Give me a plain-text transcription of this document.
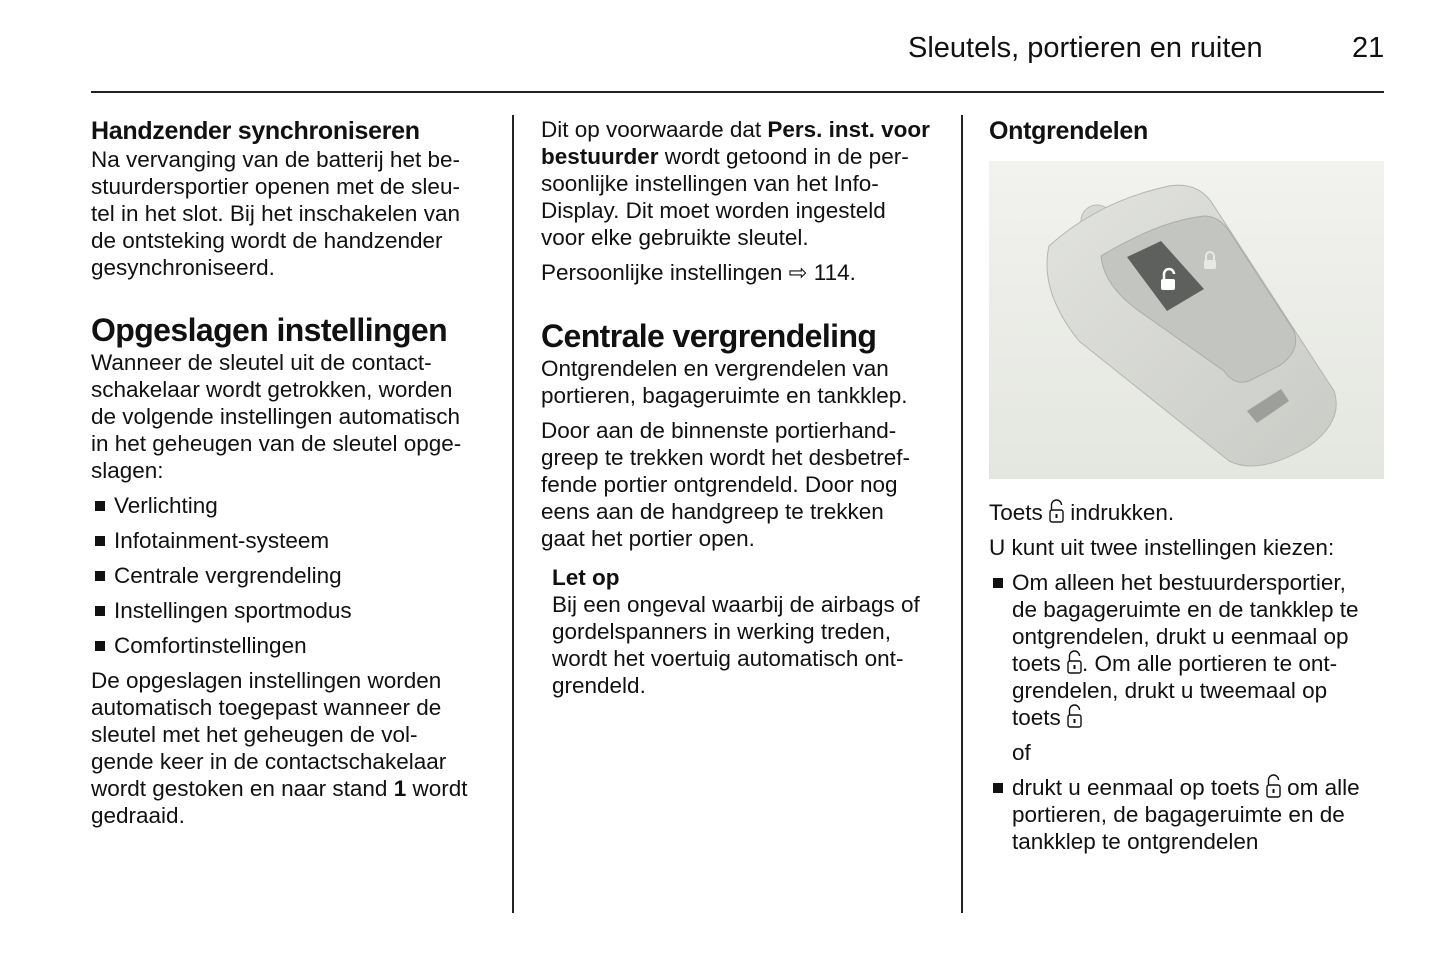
Sleutels, portieren en ruiten	21
Handzender synchroniseren
Na vervanging van de batterij het be-
stuurdersportier openen met de sleu-
tel in het slot. Bij het inschakelen van
de ontsteking wordt de handzender
gesynchroniseerd.
Opgeslagen instellingen
Wanneer de sleutel uit de contact-
schakelaar wordt getrokken, worden
de volgende instellingen automatisch
in het geheugen van de sleutel opge-
slagen:
Verlichting
Infotainment-systeem
Centrale vergrendeling
Instellingen sportmodus
Comfortinstellingen
De opgeslagen instellingen worden
automatisch toegepast wanneer de
sleutel met het geheugen de vol-
gende keer in de contactschakelaar
wordt gestoken en naar stand 1 wordt
gedraaid.
Dit op voorwaarde dat Pers. inst. voor
bestuurder wordt getoond in de per-
soonlijke instellingen van het Info-
Display. Dit moet worden ingesteld
voor elke gebruikte sleutel.
Persoonlijke instellingen ⇨ 114.
Centrale vergrendeling
Ontgrendelen en vergrendelen van
portieren, bagageruimte en tankklep.
Door aan de binnenste portierhand-
greep te trekken wordt het desbetref-
fende portier ontgrendeld. Door nog
eens aan de handgreep te trekken
gaat het portier open.
Let op
Bij een ongeval waarbij de airbags of
gordelspanners in werking treden,
wordt het voertuig automatisch ont-
grendeld.
Ontgrendelen
Toets  indrukken.
U kunt uit twee instellingen kiezen:
Om alleen het bestuurdersportier,
de bagageruimte en de tankklep te
ontgrendelen, drukt u eenmaal op
toets . Om alle portieren te ont-
grendelen, drukt u tweemaal op
toets
of
drukt u eenmaal op toets  om alle
portieren, de bagageruimte en de
tankklep te ontgrendelen
